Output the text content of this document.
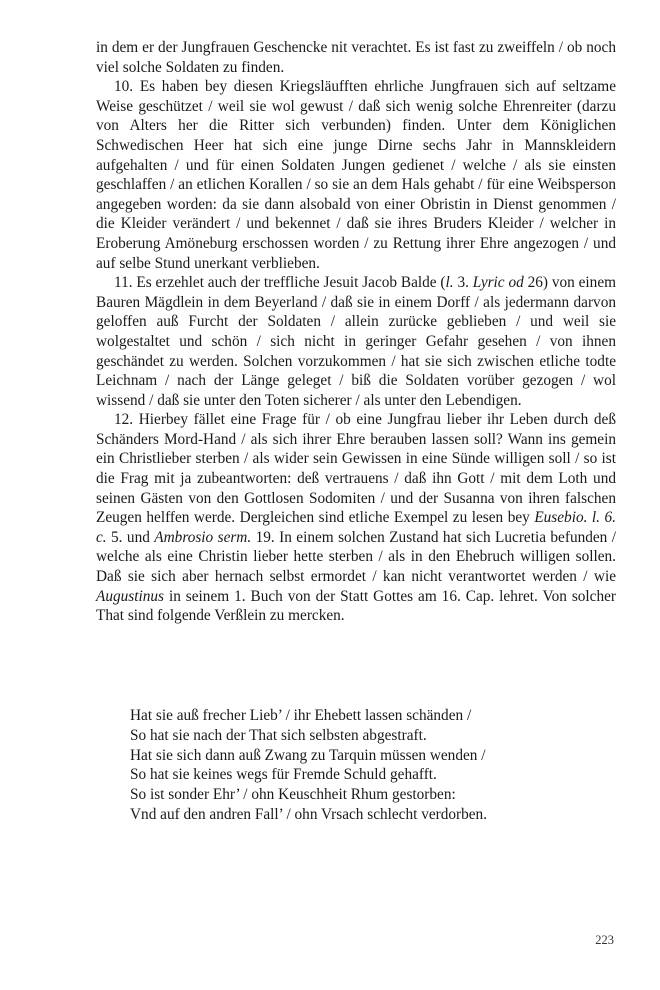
in dem er der Jungfrauen Geschencke nit verachtet. Es ist fast zu zweiffeln / ob noch viel solche Soldaten zu finden.

10. Es haben bey diesen Kriegsläufften ehrliche Jungfrauen sich auf seltzame Weise geschützet / weil sie wol gewust / daß sich wenig solche Ehrenreiter (darzu von Alters her die Ritter sich verbunden) finden. Unter dem Königlichen Schwedischen Heer hat sich eine junge Dirne sechs Jahr in Mannskleidern aufgehalten / und für einen Soldaten Jungen gedienet / welche / als sie einsten geschlaffen / an etlichen Korallen / so sie an dem Hals gehabt / für eine Weibsperson angegeben worden: da sie dann alsobald von einer Obristin in Dienst genommen / die Kleider verändert / und bekennet / daß sie ihres Bruders Kleider / welcher in Eroberung Amöneburg erschossen worden / zu Rettung ihrer Ehre angezogen / und auf selbe Stund unerkant verblieben.

11. Es erzehlet auch der treffliche Jesuit Jacob Balde (l. 3. Lyric od 26) von einem Bauren Mägdlein in dem Beyerland / daß sie in einem Dorff / als jedermann darvon geloffen auß Furcht der Soldaten / allein zurücke geblieben / und weil sie wolgestaltet und schön / sich nicht in geringer Gefahr gesehen / von ihnen geschändet zu werden. Solchen vorzukommen / hat sie sich zwischen etliche todte Leichnam / nach der Länge geleget / biß die Soldaten vorüber gezogen / wol wissend / daß sie unter den Toten sicherer / als unter den Lebendigen.

12. Hierbey fället eine Frage für / ob eine Jungfrau lieber ihr Leben durch deß Schänders Mord-Hand / als sich ihrer Ehre berauben lassen soll? Wann ins gemein ein Christlieber sterben / als wider sein Gewissen in eine Sünde willigen soll / so ist die Frag mit ja zubeantworten: deß vertrauens / daß ihn Gott / mit dem Loth und seinen Gästen von den Gottlosen Sodomiten / und der Susanna von ihren falschen Zeugen helffen werde. Dergleichen sind etliche Exempel zu lesen bey Eusebio. l. 6. c. 5. und Ambrosio serm. 19. In einem solchen Zustand hat sich Lucretia befunden / welche als eine Christin lieber hette sterben / als in den Ehebruch willigen sollen. Daß sie sich aber hernach selbst ermordet / kan nicht verantwortet werden / wie Augustinus in seinem 1. Buch von der Statt Gottes am 16. Cap. lehret. Von solcher That sind folgende Verßlein zu mercken.

Hat sie auß frecher Lieb’ / ihr Ehebett lassen schänden /
So hat sie nach der That sich selbsten abgestraft.
Hat sie sich dann auß Zwang zu Tarquin müssen wenden /
So hat sie keines wegs für Fremde Schuld gehafft.
So ist sonder Ehr’ / ohn Keuschheit Rhum gestorben:
Vnd auf den andren Fall’ / ohn Vrsach schlecht verdorben.
223
